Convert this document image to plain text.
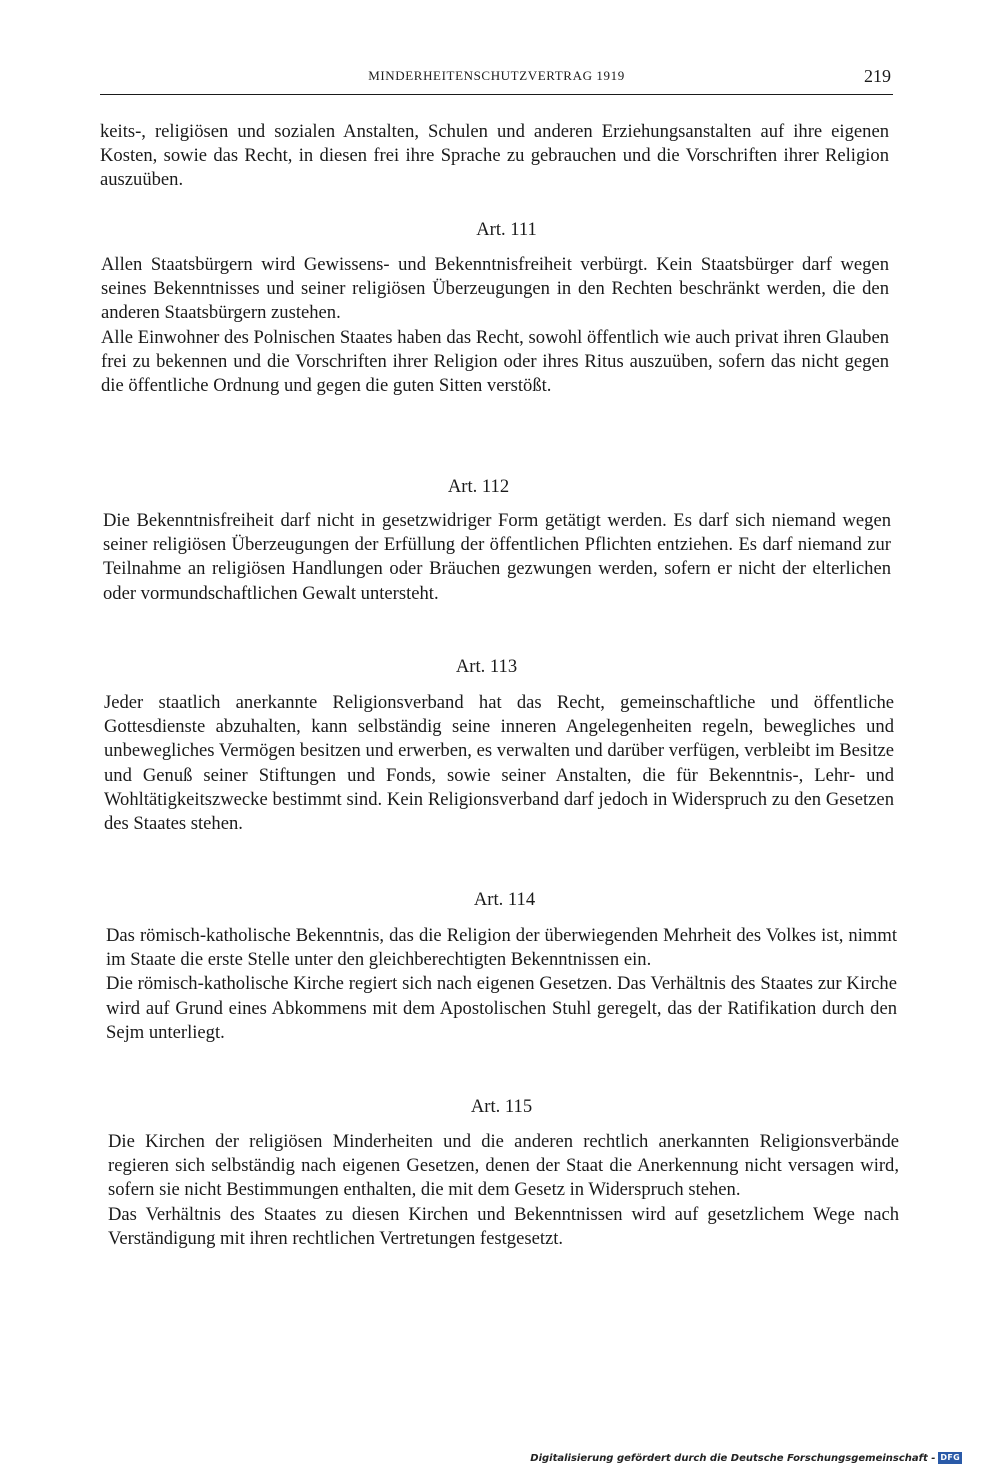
MINDERHEITENSCHUTZVERTRAG 1919	219

keits-, religiösen und sozialen Anstalten, Schulen und anderen Erziehungsanstalten auf ihre eigenen Kosten, sowie das Recht, in diesen frei ihre Sprache zu gebrauchen und die Vorschriften ihrer Religion auszuüben.

Art. 111

Allen Staatsbürgern wird Gewissens- und Bekenntnisfreiheit verbürgt. Kein Staatsbürger darf wegen seines Bekenntnisses und seiner religiösen Überzeugungen in den Rechten beschränkt werden, die den anderen Staatsbürgern zustehen.

Alle Einwohner des Polnischen Staates haben das Recht, sowohl öffentlich wie auch privat ihren Glauben frei zu bekennen und die Vorschriften ihrer Religion oder ihres Ritus auszuüben, sofern das nicht gegen die öffentliche Ordnung und gegen die guten Sitten verstößt.

Art. 112

Die Bekenntnisfreiheit darf nicht in gesetzwidriger Form getätigt werden. Es darf sich niemand wegen seiner religiösen Überzeugungen der Erfüllung der öffentlichen Pflichten entziehen. Es darf niemand zur Teilnahme an religiösen Handlungen oder Bräuchen gezwungen werden, sofern er nicht der elterlichen oder vormundschaftlichen Gewalt untersteht.

Art. 113

Jeder staatlich anerkannte Religionsverband hat das Recht, gemeinschaftliche und öffentliche Gottesdienste abzuhalten, kann selbständig seine inneren Angelegenheiten regeln, bewegliches und unbewegliches Vermögen besitzen und erwerben, es verwalten und darüber verfügen, verbleibt im Besitze und Genuß seiner Stiftungen und Fonds, sowie seiner Anstalten, die für Bekenntnis-, Lehr- und Wohltätigkeitszwecke bestimmt sind. Kein Religionsverband darf jedoch in Widerspruch zu den Gesetzen des Staates stehen.

Art. 114

Das römisch-katholische Bekenntnis, das die Religion der überwiegenden Mehrheit des Volkes ist, nimmt im Staate die erste Stelle unter den gleichberechtigten Bekenntnissen ein.

Die römisch-katholische Kirche regiert sich nach eigenen Gesetzen. Das Verhältnis des Staates zur Kirche wird auf Grund eines Abkommens mit dem Apostolischen Stuhl geregelt, das der Ratifikation durch den Sejm unterliegt.

Art. 115

Die Kirchen der religiösen Minderheiten und die anderen rechtlich anerkannten Religionsverbände regieren sich selbständig nach eigenen Gesetzen, denen der Staat die Anerkennung nicht versagen wird, sofern sie nicht Bestimmungen enthalten, die mit dem Gesetz in Widerspruch stehen.

Das Verhältnis des Staates zu diesen Kirchen und Bekenntnissen wird auf gesetzlichem Wege nach Verständigung mit ihren rechtlichen Vertretungen festgesetzt.

Digitalisierung gefördert durch die Deutsche Forschungsgemeinschaft - DFG
